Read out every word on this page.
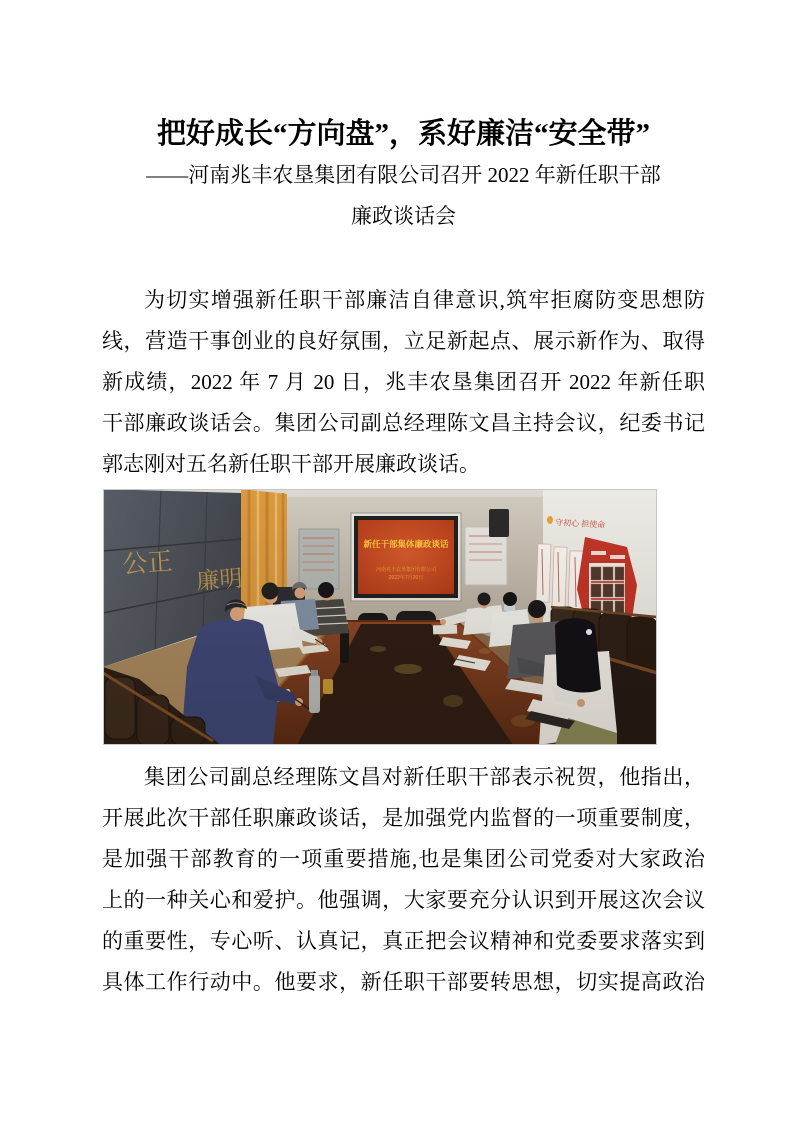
把好成长“方向盘”，系好廉洁“安全带”
——河南兆丰农垦集团有限公司召开 2022 年新任职干部
廉政谈话会
为切实增强新任职干部廉洁自律意识,筑牢拒腐防变思想防
线，营造干事创业的良好氛围，立足新起点、展示新作为、取得
新成绩，2022 年 7 月 20 日，兆丰农垦集团召开 2022 年新任职
干部廉政谈话会。集团公司副总经理陈文昌主持会议，纪委书记
郭志刚对五名新任职干部开展廉政谈话。
集团公司副总经理陈文昌对新任职干部表示祝贺，他指出，
开展此次干部任职廉政谈话，是加强党内监督的一项重要制度，
是加强干部教育的一项重要措施,也是集团公司党委对大家政治
上的一种关心和爱护。他强调，大家要充分认识到开展这次会议
的重要性，专心听、认真记，真正把会议精神和党委要求落实到
具体工作行动中。他要求，新任职干部要转思想，切实提高政治
